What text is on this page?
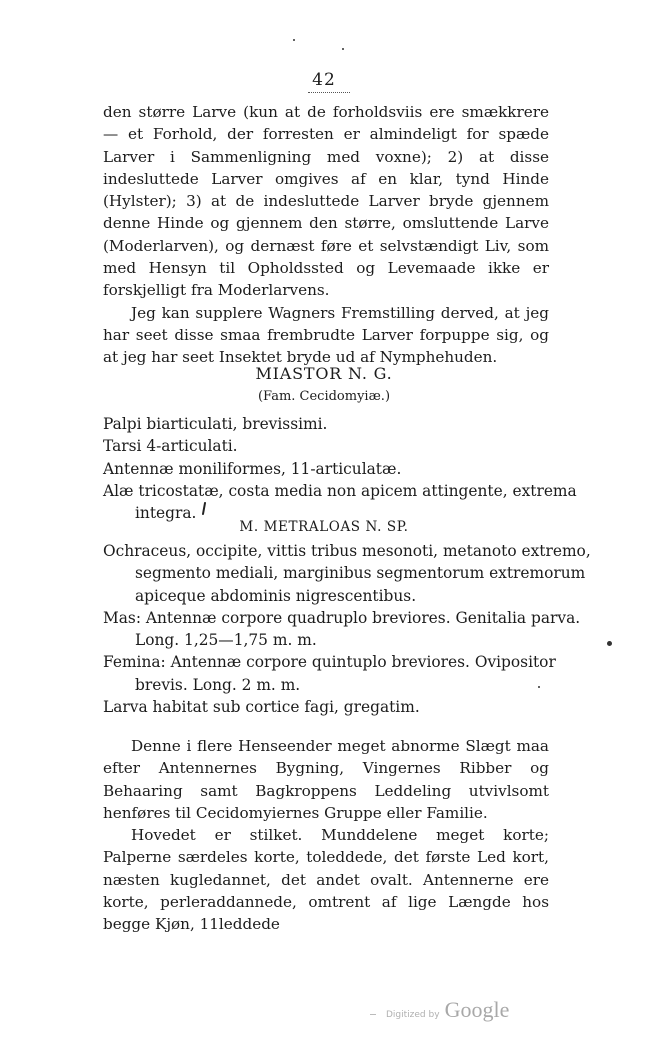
42

den større Larve (kun at de forholdsviis ere smækkrere — et Forhold, der forresten er almindeligt for spæde Larver i Sammenligning med voxne); 2) at disse indesluttede Larver omgives af en klar, tynd Hinde (Hylster); 3) at de indesluttede Larver bryde gjennem denne Hinde og gjennem den større, omsluttende Larve (Moderlarven), og dernæst føre et selvstændigt Liv, som med Hensyn til Opholdssted og Levemaade ikke er forskjelligt fra Moderlarvens.

Jeg kan supplere Wagners Fremstilling derved, at jeg har seet disse smaa frembrudte Larver forpuppe sig, og at jeg har seet Insektet bryde ud af Nymphehuden.

MIASTOR N. G.
(Fam. Cecidomyiæ.)
Palpi biarticulati, brevissimi.
Tarsi 4-articulati.
Antennæ moniliformes, 11-articulatæ.
Alæ tricostatæ, costa media non apicem attingente, extrema
integra.
M. METRALOAS N. SP.
Ochraceus, occipite, vittis tribus mesonoti, metanoto extremo,
segmento mediali, marginibus segmentorum extremorum
apiceque abdominis nigrescentibus.
Mas: Antennæ corpore quadruplo breviores. Genitalia parva.
Long. 1,25—1,75 m. m.
Femina: Antennæ corpore quintuplo breviores. Ovipositor
brevis. Long. 2 m. m.
Larva habitat sub cortice fagi, gregatim.

Denne i flere Henseender meget abnorme Slægt maa efter Antennernes Bygning, Vingernes Ribber og Behaaring samt Bagkroppens Leddeling utvivlsomt henføres til Cecidomyiernes Gruppe eller Familie.

Hovedet er stilket. Munddelene meget korte; Palperne særdeles korte, toleddede, det første Led kort, næsten kugledannet, det andet ovalt. Antennerne ere korte, perleraddannede, omtrent af lige Længde hos begge Kjøn, 11leddede

Digitized by Google
